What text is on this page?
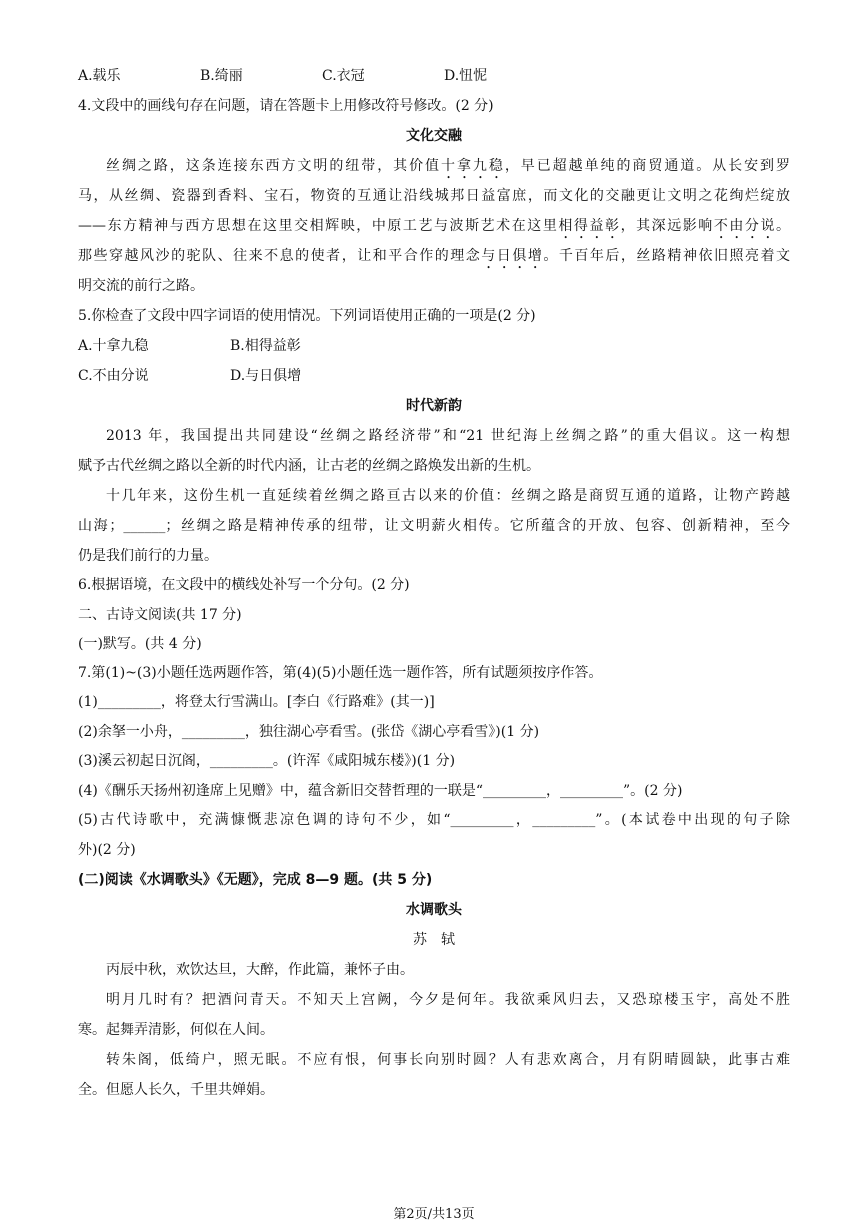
A.载乐	B.绮丽	C.衣冠	D.忸怩
4.文段中的画线句存在问题，请在答题卡上用修改符号修改。(2 分)
文化交融
丝绸之路，这条连接东西方文明的纽带，其价值十拿九稳，早已超越单纯的商贸通道。从长安到罗
马，从丝绸、瓷器到香料、宝石，物资的互通让沿线城邦日益富庶，而文化的交融更让文明之花绚烂绽放
——东方精神与西方思想在这里交相辉映，中原工艺与波斯艺术在这里相得益彰，其深远影响不由分说。
那些穿越风沙的驼队、往来不息的使者，让和平合作的理念与日俱增。千百年后，丝路精神依旧照亮着文
明交流的前行之路。
5.你检查了文段中四字词语的使用情况。下列词语使用正确的一项是(2 分)
A.十拿九稳	B.相得益彰
C.不由分说	D.与日俱增
时代新韵
2013 年，我国提出共同建设“丝绸之路经济带”和“21 世纪海上丝绸之路”的重大倡议。这一构想
赋予古代丝绸之路以全新的时代内涵，让古老的丝绸之路焕发出新的生机。
十几年来，这份生机一直延续着丝绸之路亘古以来的价值：丝绸之路是商贸互通的道路，让物产跨越
山海；______；丝绸之路是精神传承的纽带，让文明薪火相传。它所蕴含的开放、包容、创新精神，至今
仍是我们前行的力量。
6.根据语境，在文段中的横线处补写一个分句。(2 分)
二、古诗文阅读(共 17 分)
(一)默写。(共 4 分)
7.第(1)~(3)小题任选两题作答，第(4)(5)小题任选一题作答，所有试题须按序作答。
(1)_________，将登太行雪满山。[李白《行路难》(其一)]
(2)余拏一小舟，_________，独往湖心亭看雪。(张岱《湖心亭看雪》)(1 分)
(3)溪云初起日沉阁，_________。(许浑《咸阳城东楼》)(1 分)
(4)《酬乐天扬州初逢席上见赠》中，蕴含新旧交替哲理的一联是“_________，_________”。(2 分)
(5)古代诗歌中，充满慷慨悲凉色调的诗句不少，如“_________，_________”。(本试卷中出现的句子除
外)(2 分)
(二)阅读《水调歌头》《无题》，完成 8—9 题。(共 5 分)
水调歌头
苏　轼
丙辰中秋，欢饮达旦，大醉，作此篇，兼怀子由。
明月几时有？把酒问青天。不知天上宫阙，今夕是何年。我欲乘风归去，又恐琼楼玉宇，高处不胜
寒。起舞弄清影，何似在人间。
转朱阁，低绮户，照无眠。不应有恨，何事长向别时圆？人有悲欢离合，月有阴晴圆缺，此事古难
全。但愿人长久，千里共婵娟。
第2页/共13页
